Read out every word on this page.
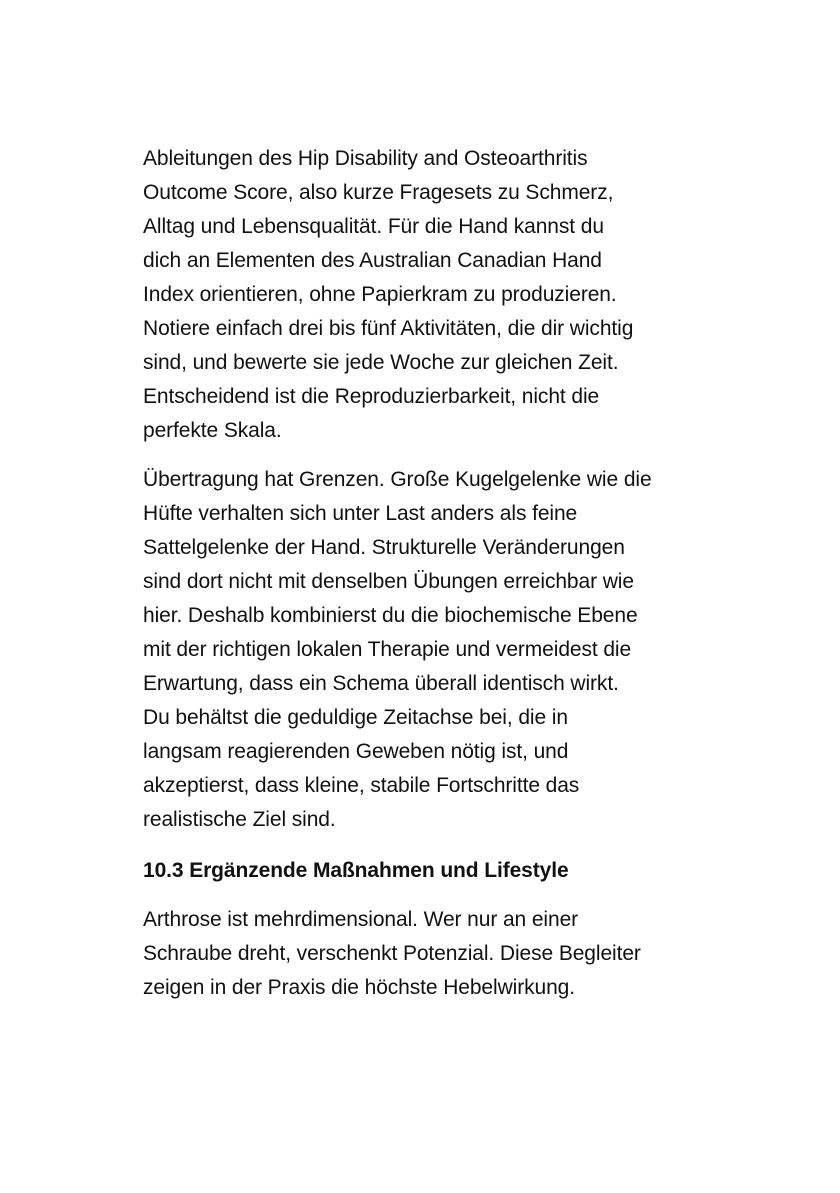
Ableitungen des Hip Disability and Osteoarthritis
Outcome Score, also kurze Fragesets zu Schmerz,
Alltag und Lebensqualität. Für die Hand kannst du
dich an Elementen des Australian Canadian Hand
Index orientieren, ohne Papierkram zu produzieren.
Notiere einfach drei bis fünf Aktivitäten, die dir wichtig
sind, und bewerte sie jede Woche zur gleichen Zeit.
Entscheidend ist die Reproduzierbarkeit, nicht die
perfekte Skala.

Übertragung hat Grenzen. Große Kugelgelenke wie die
Hüfte verhalten sich unter Last anders als feine
Sattelgelenke der Hand. Strukturelle Veränderungen
sind dort nicht mit denselben Übungen erreichbar wie
hier. Deshalb kombinierst du die biochemische Ebene
mit der richtigen lokalen Therapie und vermeidest die
Erwartung, dass ein Schema überall identisch wirkt.
Du behältst die geduldige Zeitachse bei, die in
langsam reagierenden Geweben nötig ist, und
akzeptierst, dass kleine, stabile Fortschritte das
realistische Ziel sind.

10.3 Ergänzende Maßnahmen und Lifestyle

Arthrose ist mehrdimensional. Wer nur an einer
Schraube dreht, verschenkt Potenzial. Diese Begleiter
zeigen in der Praxis die höchste Hebelwirkung.
